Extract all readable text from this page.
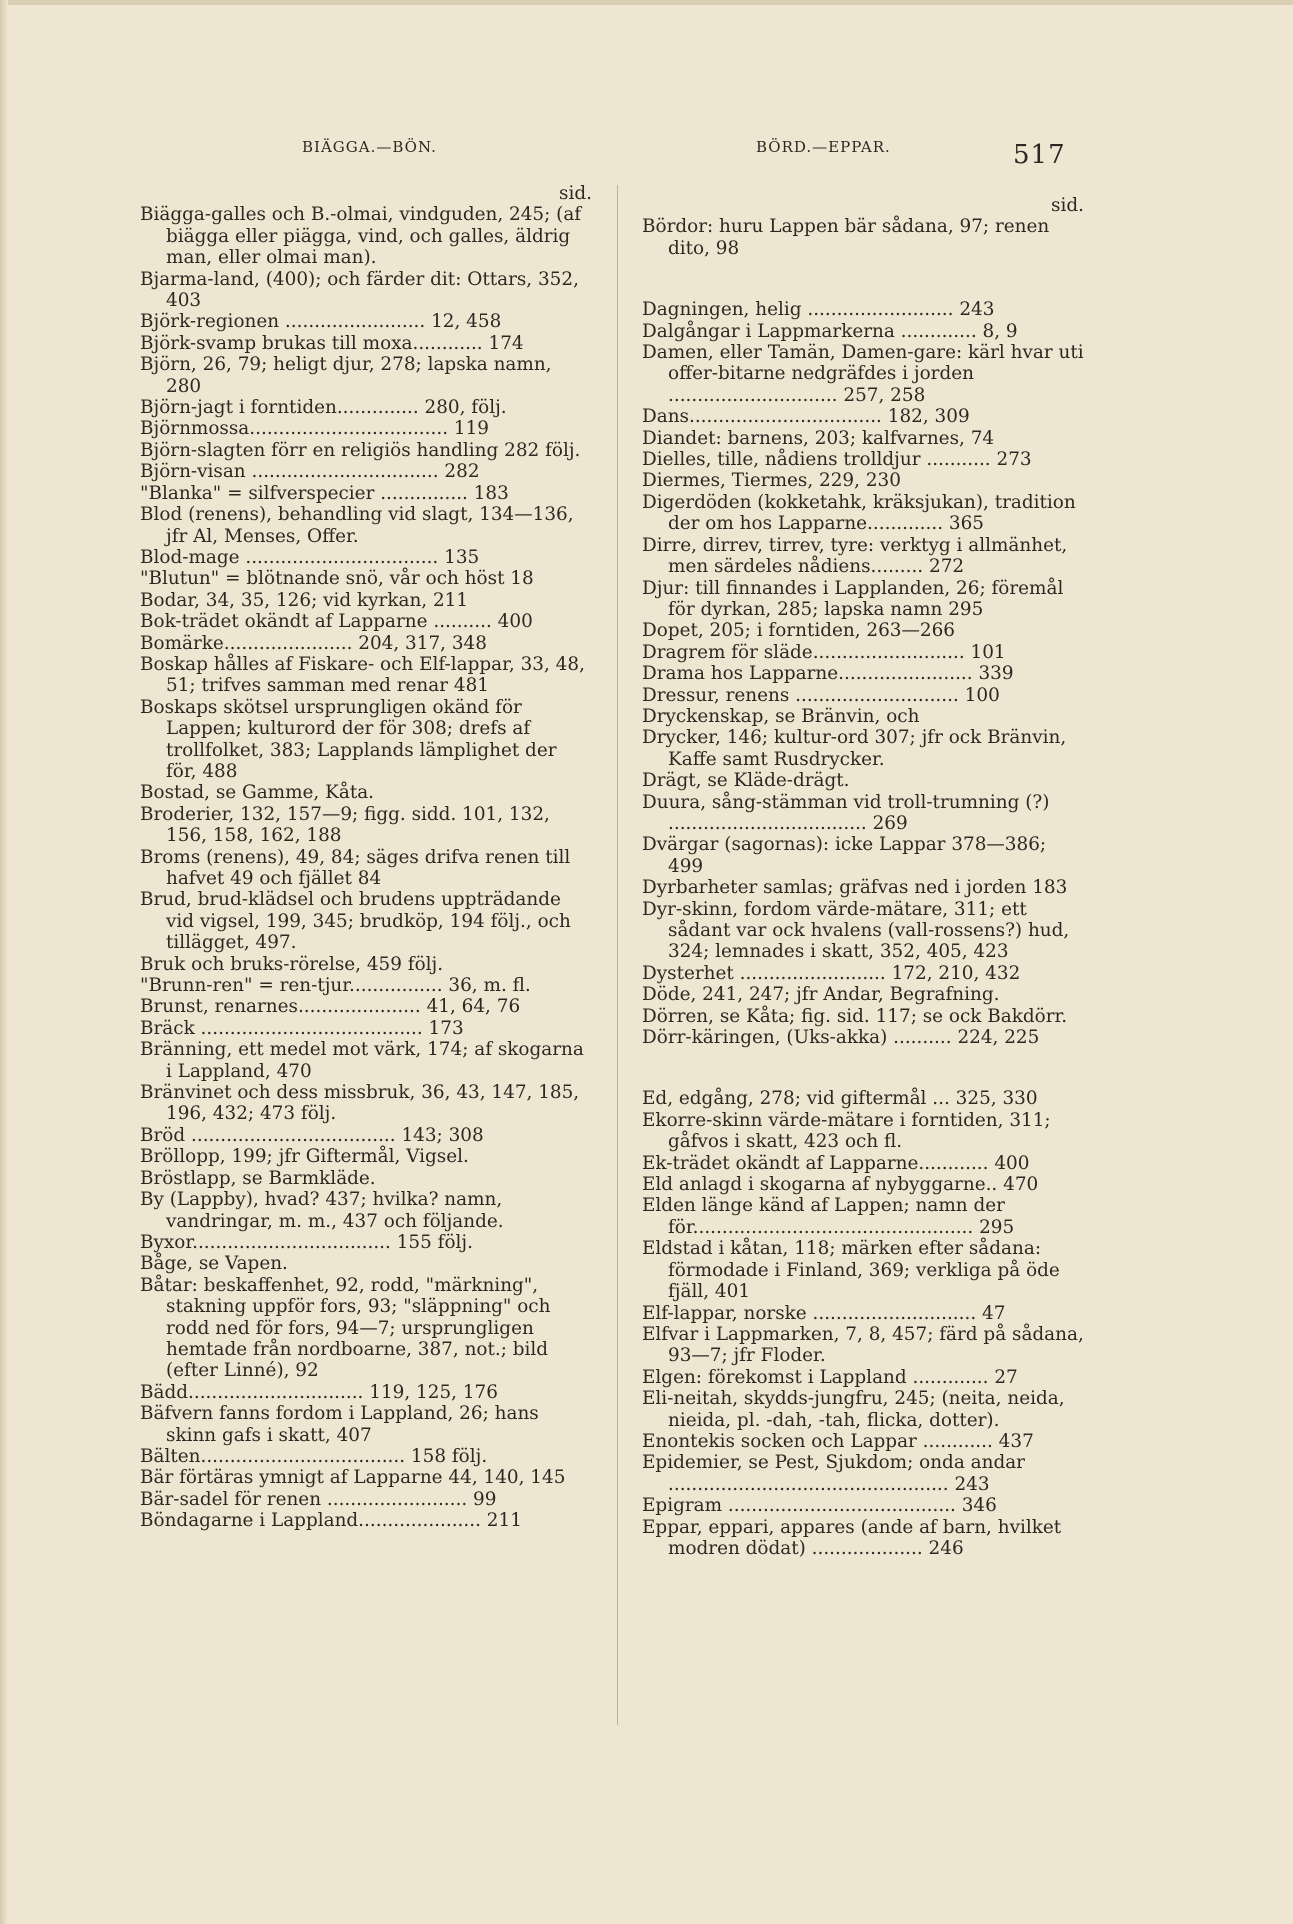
BIÄGGA.—BÖN.	BÖRD.—EPPAR.	517
sid.

Biägga-galles och B.-olmai, vindguden, 245; (af biägga eller piägga, vind, och galles, äldrig man, eller olmai man).

Bjarma-land, (400); och färder dit: Ottars, 352, 403

Björk-regionen ........................ 12, 458

Björk-svamp brukas till moxa............ 174

Björn, 26, 79; heligt djur, 278; lapska namn, 280

Björn-jagt i forntiden.............. 280, följ.

Björnmossa.................................. 119

Björn-slagten förr en religiös handling 282 följ.

Björn-visan ................................ 282

"Blanka" = silfverspecier ............... 183

Blod (renens), behandling vid slagt, 134—136, jfr Al, Menses, Offer.

Blod-mage ................................. 135

"Blutun" = blötnande snö, vår och höst 18

Bodar, 34, 35, 126; vid kyrkan, 211

Bok-trädet okändt af Lapparne .......... 400

Bomärke...................... 204, 317, 348

Boskap hålles af Fiskare- och Elf-lappar, 33, 48, 51; trifves samman med renar 481

Boskaps skötsel ursprungligen okänd för Lappen; kulturord der för 308; drefs af trollfolket, 383; Lapplands lämplighet der för, 488

Bostad, se Gamme, Kåta.

Broderier, 132, 157—9; figg. sidd. 101, 132, 156, 158, 162, 188

Broms (renens), 49, 84; säges drifva renen till hafvet 49 och fjället 84

Brud, brud-klädsel och brudens uppträdande vid vigsel, 199, 345; brudköp, 194 följ., och tillägget, 497.

Bruk och bruks-rörelse, 459 följ.

"Brunn-ren" = ren-tjur................ 36, m. fl.

Brunst, renarnes..................... 41, 64, 76

Bräck ...................................... 173

Bränning, ett medel mot värk, 174; af skogarna i Lappland, 470

Bränvinet och dess missbruk, 36, 43, 147, 185, 196, 432; 473 följ.

Bröd ................................... 143; 308

Bröllopp, 199; jfr Giftermål, Vigsel.

Bröstlapp, se Barmkläde.

By (Lappby), hvad? 437; hvilka? namn, vandringar, m. m., 437 och följande.

Byxor.................................. 155 följ.

Båge, se Vapen.

Båtar: beskaffenhet, 92, rodd, "märkning", stakning uppför fors, 93; "släppning" och rodd ned för fors, 94—7; ursprungligen hemtade från nordboarne, 387, not.; bild (efter Linné), 92

Bädd.............................. 119, 125, 176

Bäfvern fanns fordom i Lappland, 26; hans skinn gafs i skatt, 407

Bälten................................... 158 följ.

Bär förtäras ymnigt af Lapparne 44, 140, 145

Bär-sadel för renen ........................ 99

Böndagarne i Lappland..................... 211

sid.

Bördor: huru Lappen bär sådana, 97; renen dito, 98

Dagningen, helig ......................... 243

Dalgångar i Lappmarkerna ............. 8, 9

Damen, eller Tamän, Damen-gare: kärl hvar uti offer-bitarne nedgräfdes i jorden ............................. 257, 258

Dans................................. 182, 309

Diandet: barnens, 203; kalfvarnes, 74

Dielles, tille, nådiens trolldjur ........... 273

Diermes, Tiermes, 229, 230

Digerdöden (kokketahk, kräksjukan), tradition der om hos Lapparne............. 365

Dirre, dirrev, tirrev, tyre: verktyg i allmänhet, men särdeles nådiens......... 272

Djur: till finnandes i Lapplanden, 26; föremål för dyrkan, 285; lapska namn 295

Dopet, 205; i forntiden, 263—266

Dragrem för släde.......................... 101

Drama hos Lapparne....................... 339

Dressur, renens ............................ 100

Dryckenskap, se Bränvin, och

Drycker, 146; kultur-ord 307; jfr ock Bränvin, Kaffe samt Rusdrycker.

Drägt, se Kläde-drägt.

Duura, sång-stämman vid troll-trumning (?) .................................. 269

Dvärgar (sagornas): icke Lappar 378—386; 499

Dyrbarheter samlas; gräfvas ned i jorden 183

Dyr-skinn, fordom värde-mätare, 311; ett sådant var ock hvalens (vall-rossens?) hud, 324; lemnades i skatt, 352, 405, 423

Dysterhet ......................... 172, 210, 432

Döde, 241, 247; jfr Andar, Begrafning.

Dörren, se Kåta; fig. sid. 117; se ock Bakdörr.

Dörr-käringen, (Uks-akka) .......... 224, 225

Ed, edgång, 278; vid giftermål ... 325, 330

Ekorre-skinn värde-mätare i forntiden, 311; gåfvos i skatt, 423 och fl.

Ek-trädet okändt af Lapparne............ 400

Eld anlagd i skogarna af nybyggarne.. 470

Elden länge känd af Lappen; namn der för................................................ 295

Eldstad i kåtan, 118; märken efter sådana: förmodade i Finland, 369; verkliga på öde fjäll, 401

Elf-lappar, norske ............................ 47

Elfvar i Lappmarken, 7, 8, 457; färd på sådana, 93—7; jfr Floder.

Elgen: förekomst i Lappland ............. 27

Eli-neitah, skydds-jungfru, 245; (neita, neida, nieida, pl. -dah, -tah, flicka, dotter).

Enontekis socken och Lappar ............ 437

Epidemier, se Pest, Sjukdom; onda andar ................................................ 243

Epigram ....................................... 346

Eppar, eppari, appares (ande af barn, hvilket modren dödat) ................... 246
